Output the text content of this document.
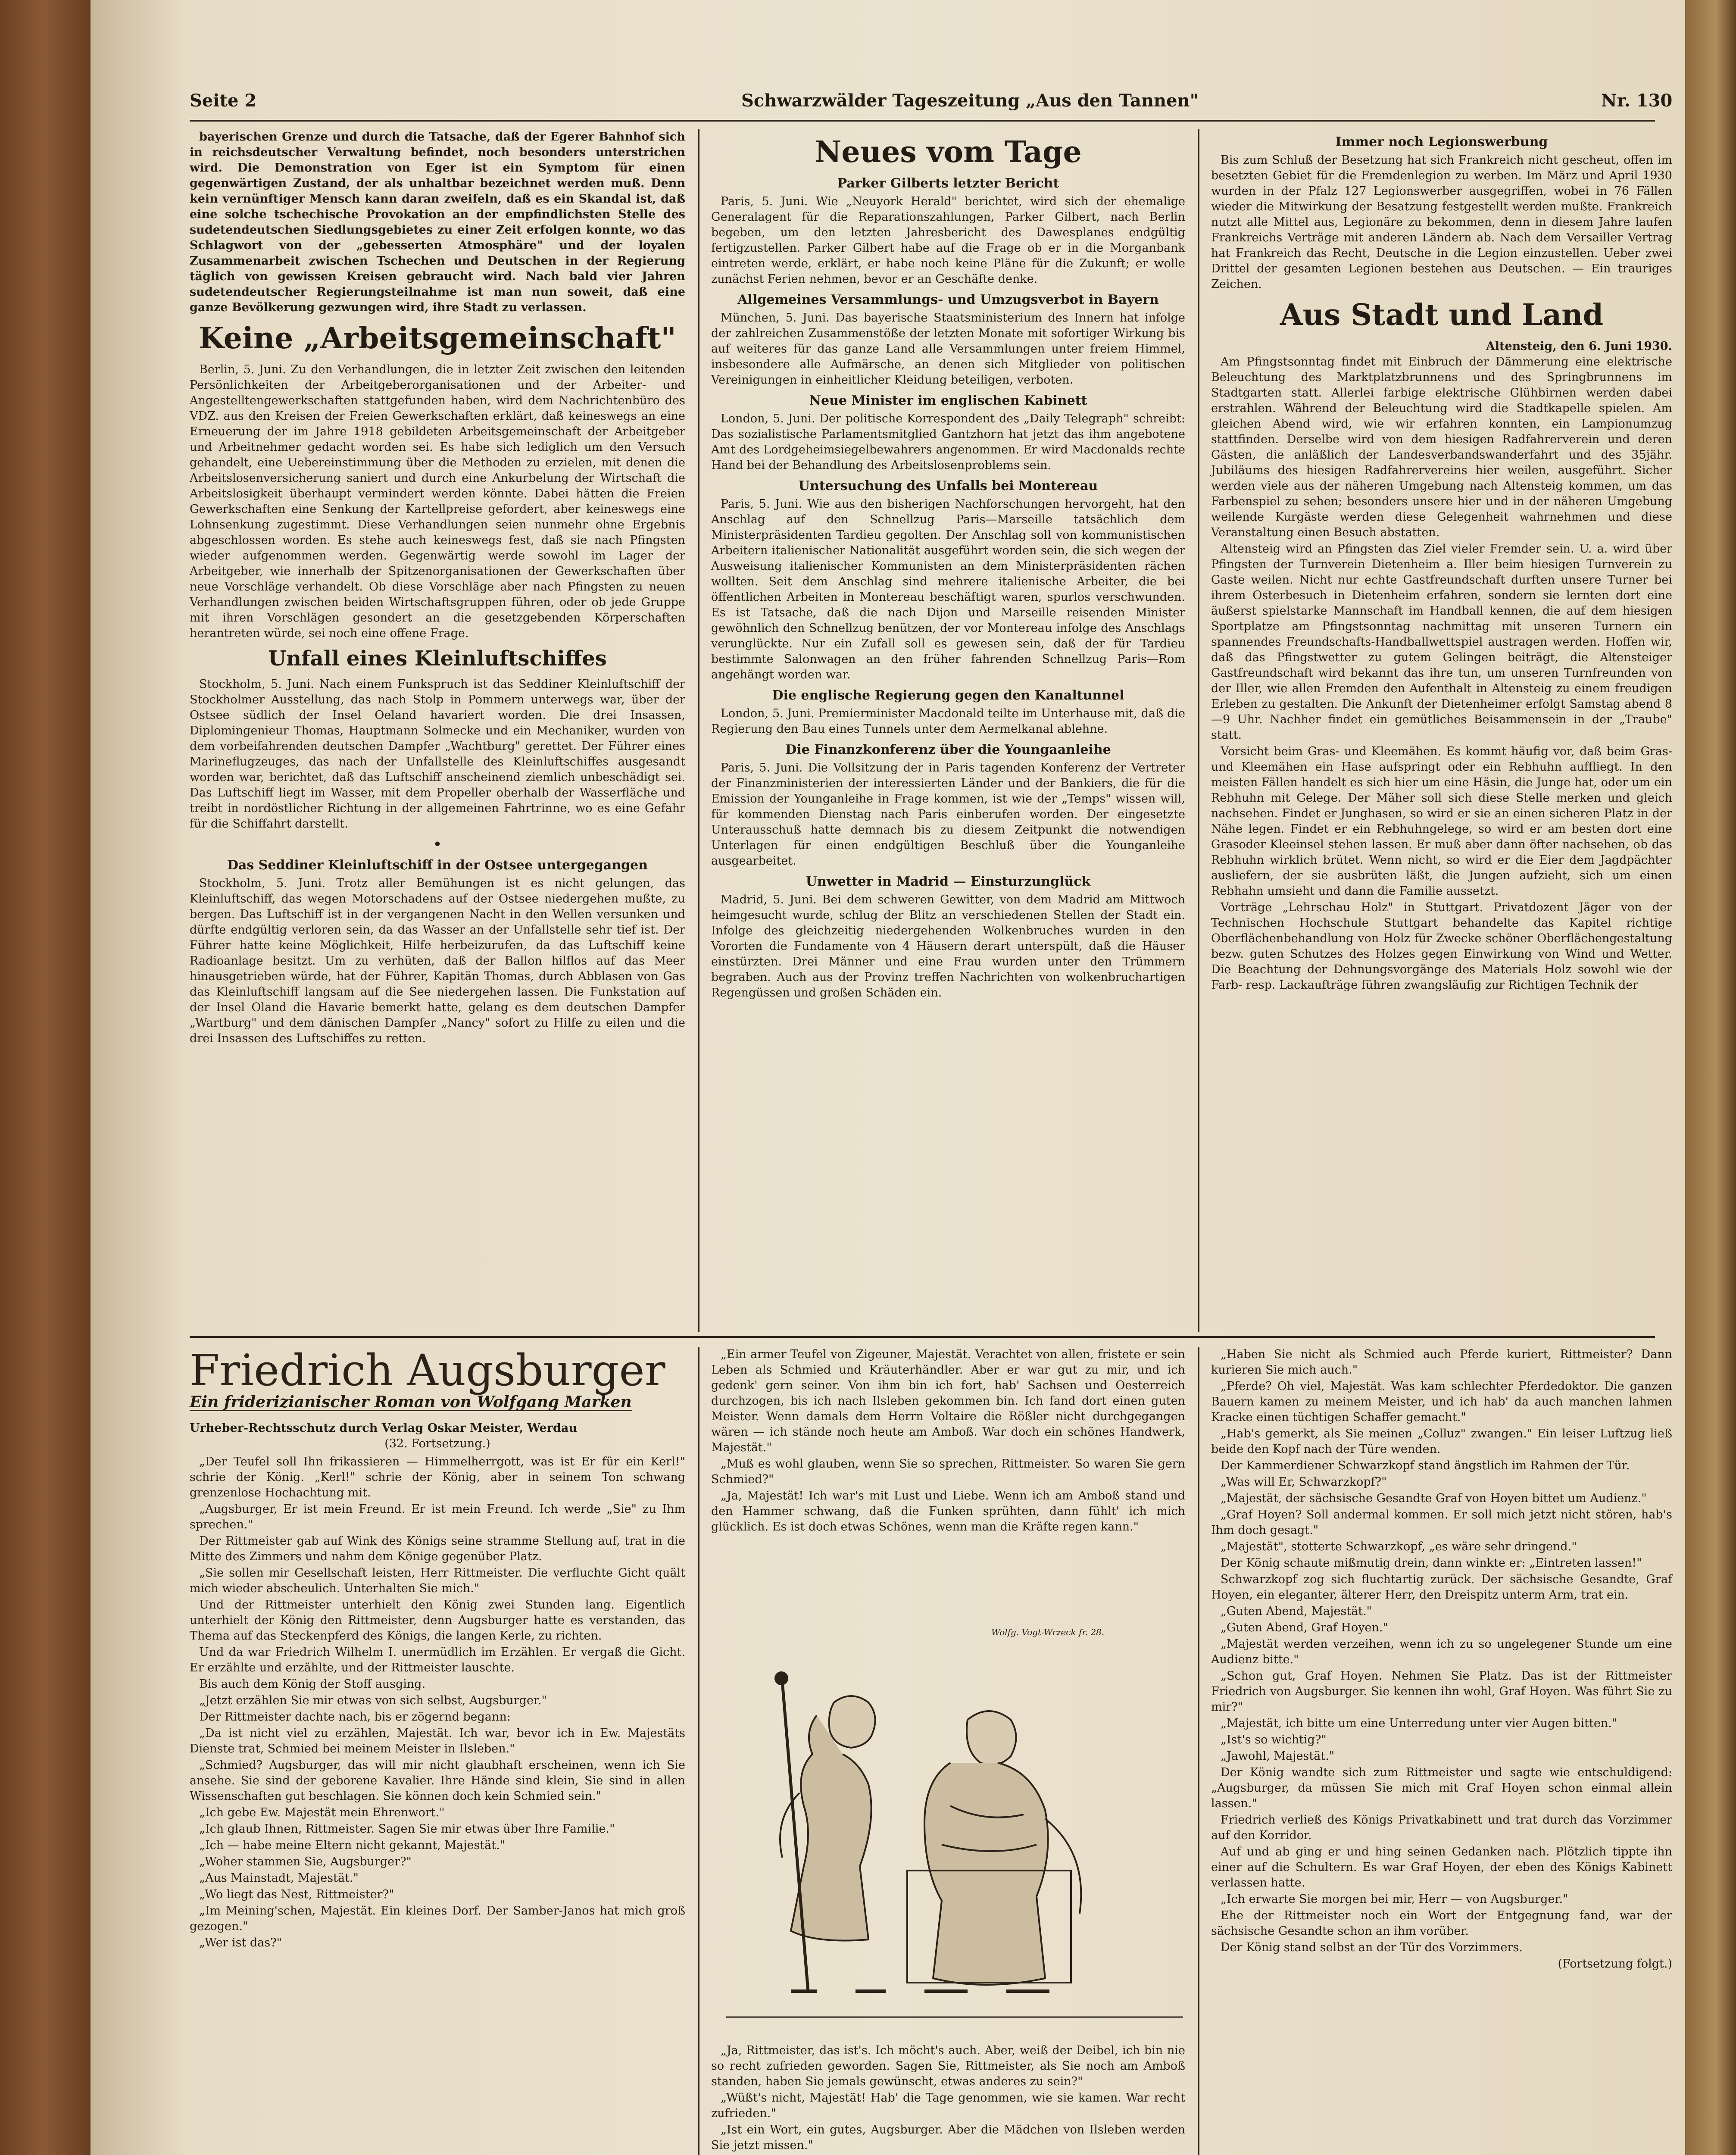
Seite 2	Schwarzwälder Tageszeitung „Aus den Tannen"	Nr. 130

bayerischen Grenze und durch die Tatsache, daß der Egerer Bahnhof sich in reichsdeutscher Verwaltung befindet, noch besonders unterstrichen wird. Die Demonstration von Eger ist ein Symptom für einen gegenwärtigen Zustand, der als unhaltbar bezeichnet werden muß. Denn kein vernünftiger Mensch kann daran zweifeln, daß es ein Skandal ist, daß eine solche tschechische Provokation an der empfindlichsten Stelle des sudetendeutschen Siedlungsgebietes zu einer Zeit erfolgen konnte, wo das Schlagwort von der „gebesserten Atmosphäre" und der loyalen Zusammenarbeit zwischen Tschechen und Deutschen in der Regierung täglich von gewissen Kreisen gebraucht wird. Nach bald vier Jahren sudetendeutscher Regierungsteilnahme ist man nun soweit, daß eine ganze Bevölkerung gezwungen wird, ihre Stadt zu verlassen.

Keine „Arbeitsgemeinschaft"

Berlin, 5. Juni. Zu den Verhandlungen, die in letzter Zeit zwischen den leitenden Persönlichkeiten der Arbeitgeberorganisationen und der Arbeiter- und Angestelltengewerkschaften stattgefunden haben, wird dem Nachrichtenbüro des VDZ. aus den Kreisen der Freien Gewerkschaften erklärt, daß keineswegs an eine Erneuerung der im Jahre 1918 gebildeten Arbeitsgemeinschaft der Arbeitgeber und Arbeitnehmer gedacht worden sei. Es habe sich lediglich um den Versuch gehandelt, eine Uebereinstimmung über die Methoden zu erzielen, mit denen die Arbeitslosenversicherung saniert und durch eine Ankurbelung der Wirtschaft die Arbeitslosigkeit überhaupt vermindert werden könnte. Dabei hätten die Freien Gewerkschaften eine Senkung der Kartellpreise gefordert, aber keineswegs eine Lohnsenkung zugestimmt. Diese Verhandlungen seien nunmehr ohne Ergebnis abgeschlossen worden. Es stehe auch keineswegs fest, daß sie nach Pfingsten wieder aufgenommen werden. Gegenwärtig werde sowohl im Lager der Arbeitgeber, wie innerhalb der Spitzenorganisationen der Gewerkschaften über neue Vorschläge verhandelt. Ob diese Vorschläge aber nach Pfingsten zu neuen Verhandlungen zwischen beiden Wirtschaftsgruppen führen, oder ob jede Gruppe mit ihren Vorschlägen gesondert an die gesetzgebenden Körperschaften herantreten würde, sei noch eine offene Frage.

Unfall eines Kleinluftschiffes

Stockholm, 5. Juni. Nach einem Funkspruch ist das Seddiner Kleinluftschiff der Stockholmer Ausstellung, das nach Stolp in Pommern unterwegs war, über der Ostsee südlich der Insel Oeland havariert worden. Die drei Insassen, Diplomingenieur Thomas, Hauptmann Solmecke und ein Mechaniker, wurden von dem vorbeifahrenden deutschen Dampfer „Wachtburg" gerettet. Der Führer eines Marineflugzeuges, das nach der Unfallstelle des Kleinluftschiffes ausgesandt worden war, berichtet, daß das Luftschiff anscheinend ziemlich unbeschädigt sei. Das Luftschiff liegt im Wasser, mit dem Propeller oberhalb der Wasserfläche und treibt in nordöstlicher Richtung in der allgemeinen Fahrtrinne, wo es eine Gefahr für die Schiffahrt darstellt.

•
Das Seddiner Kleinluftschiff in der Ostsee untergegangen

Stockholm, 5. Juni. Trotz aller Bemühungen ist es nicht gelungen, das Kleinluftschiff, das wegen Motorschadens auf der Ostsee niedergehen mußte, zu bergen. Das Luftschiff ist in der vergangenen Nacht in den Wellen versunken und dürfte endgültig verloren sein, da das Wasser an der Unfallstelle sehr tief ist. Der Führer hatte keine Möglichkeit, Hilfe herbeizurufen, da das Luftschiff keine Radioanlage besitzt. Um zu verhüten, daß der Ballon hilflos auf das Meer hinausgetrieben würde, hat der Führer, Kapitän Thomas, durch Abblasen von Gas das Kleinluftschiff langsam auf die See niedergehen lassen. Die Funkstation auf der Insel Oland die Havarie bemerkt hatte, gelang es dem deutschen Dampfer „Wartburg" und dem dänischen Dampfer „Nancy" sofort zu Hilfe zu eilen und die drei Insassen des Luftschiffes zu retten.

Neues vom Tage
Parker Gilberts letzter Bericht

Paris, 5. Juni. Wie „Neuyork Herald" berichtet, wird sich der ehemalige Generalagent für die Reparationszahlungen, Parker Gilbert, nach Berlin begeben, um den letzten Jahresbericht des Dawesplanes endgültig fertigzustellen. Parker Gilbert habe auf die Frage ob er in die Morganbank eintreten werde, erklärt, er habe noch keine Pläne für die Zukunft; er wolle zunächst Ferien nehmen, bevor er an Geschäfte denke.

Allgemeines Versammlungs- und Umzugsverbot in Bayern

München, 5. Juni. Das bayerische Staatsministerium des Innern hat infolge der zahlreichen Zusammenstöße der letzten Monate mit sofortiger Wirkung bis auf weiteres für das ganze Land alle Versammlungen unter freiem Himmel, insbesondere alle Aufmärsche, an denen sich Mitglieder von politischen Vereinigungen in einheitlicher Kleidung beteiligen, verboten.

Neue Minister im englischen Kabinett

London, 5. Juni. Der politische Korrespondent des „Daily Telegraph" schreibt: Das sozialistische Parlamentsmitglied Gantzhorn hat jetzt das ihm angebotene Amt des Lordgeheimsiegelbewahrers angenommen. Er wird Macdonalds rechte Hand bei der Behandlung des Arbeitslosenproblems sein.

Untersuchung des Unfalls bei Montereau

Paris, 5. Juni. Wie aus den bisherigen Nachforschungen hervorgeht, hat den Anschlag auf den Schnellzug Paris—Marseille tatsächlich dem Ministerpräsidenten Tardieu gegolten. Der Anschlag soll von kommunistischen Arbeitern italienischer Nationalität ausgeführt worden sein, die sich wegen der Ausweisung italienischer Kommunisten an dem Ministerpräsidenten rächen wollten. Seit dem Anschlag sind mehrere italienische Arbeiter, die bei öffentlichen Arbeiten in Montereau beschäftigt waren, spurlos verschwunden. Es ist Tatsache, daß die nach Dijon und Marseille reisenden Minister gewöhnlich den Schnellzug benützen, der vor Montereau infolge des Anschlags verunglückte. Nur ein Zufall soll es gewesen sein, daß der für Tardieu bestimmte Salonwagen an den früher fahrenden Schnellzug Paris—Rom angehängt worden war.

Die englische Regierung gegen den Kanaltunnel

London, 5. Juni. Premierminister Macdonald teilte im Unterhause mit, daß die Regierung den Bau eines Tunnels unter dem Aermelkanal ablehne.

Die Finanzkonferenz über die Youngaanleihe

Paris, 5. Juni. Die Vollsitzung der in Paris tagenden Konferenz der Vertreter der Finanzministerien der interessierten Länder und der Bankiers, die für die Emission der Younganleihe in Frage kommen, ist wie der „Temps" wissen will, für kommenden Dienstag nach Paris einberufen worden. Der eingesetzte Unterausschuß hatte demnach bis zu diesem Zeitpunkt die notwendigen Unterlagen für einen endgültigen Beschluß über die Younganleihe ausgearbeitet.

Unwetter in Madrid — Einsturzunglück

Madrid, 5. Juni. Bei dem schweren Gewitter, von dem Madrid am Mittwoch heimgesucht wurde, schlug der Blitz an verschiedenen Stellen der Stadt ein. Infolge des gleichzeitig niedergehenden Wolkenbruches wurden in den Vororten die Fundamente von 4 Häusern derart unterspült, daß die Häuser einstürzten. Drei Männer und eine Frau wurden unter den Trümmern begraben. Auch aus der Provinz treffen Nachrichten von wolkenbruchartigen Regengüssen und großen Schäden ein.

Immer noch Legionswerbung

Bis zum Schluß der Besetzung hat sich Frankreich nicht gescheut, offen im besetzten Gebiet für die Fremdenlegion zu werben. Im März und April 1930 wurden in der Pfalz 127 Legionswerber ausgegriffen, wobei in 76 Fällen wieder die Mitwirkung der Besatzung festgestellt werden mußte. Frankreich nutzt alle Mittel aus, Legionäre zu bekommen, denn in diesem Jahre laufen Frankreichs Verträge mit anderen Ländern ab. Nach dem Versailler Vertrag hat Frankreich das Recht, Deutsche in die Legion einzustellen. Ueber zwei Drittel der gesamten Legionen bestehen aus Deutschen. — Ein trauriges Zeichen.

Aus Stadt und Land
Altensteig, den 6. Juni 1930.

Am Pfingstsonntag findet mit Einbruch der Dämmerung eine elektrische Beleuchtung des Marktplatzbrunnens und des Springbrunnens im Stadtgarten statt. Allerlei farbige elektrische Glühbirnen werden dabei erstrahlen. Während der Beleuchtung wird die Stadtkapelle spielen. Am gleichen Abend wird, wie wir erfahren konnten, ein Lampionumzug stattfinden. Derselbe wird von dem hiesigen Radfahrerverein und deren Gästen, die anläßlich der Landesverbandswanderfahrt und des 35jähr. Jubiläums des hiesigen Radfahrervereins hier weilen, ausgeführt. Sicher werden viele aus der näheren Umgebung nach Altensteig kommen, um das Farbenspiel zu sehen; besonders unsere hier und in der näheren Umgebung weilende Kurgäste werden diese Gelegenheit wahrnehmen und diese Veranstaltung einen Besuch abstatten.

Altensteig wird an Pfingsten das Ziel vieler Fremder sein. U. a. wird über Pfingsten der Turnverein Dietenheim a. Iller beim hiesigen Turnverein zu Gaste weilen. Nicht nur echte Gastfreundschaft durften unsere Turner bei ihrem Osterbesuch in Dietenheim erfahren, sondern sie lernten dort eine äußerst spielstarke Mannschaft im Handball kennen, die auf dem hiesigen Sportplatze am Pfingstsonntag nachmittag mit unseren Turnern ein spannendes Freundschafts-Handballwettspiel austragen werden. Hoffen wir, daß das Pfingstwetter zu gutem Gelingen beiträgt, die Altensteiger Gastfreundschaft wird bekannt das ihre tun, um unseren Turnfreunden von der Iller, wie allen Fremden den Aufenthalt in Altensteig zu einem freudigen Erleben zu gestalten. Die Ankunft der Dietenheimer erfolgt Samstag abend 8—9 Uhr. Nachher findet ein gemütliches Beisammensein in der „Traube" statt.

Vorsicht beim Gras- und Kleemähen. Es kommt häufig vor, daß beim Gras- und Kleemähen ein Hase aufspringt oder ein Rebhuhn auffliegt. In den meisten Fällen handelt es sich hier um eine Häsin, die Junge hat, oder um ein Rebhuhn mit Gelege. Der Mäher soll sich diese Stelle merken und gleich nachsehen. Findet er Junghasen, so wird er sie an einen sicheren Platz in der Nähe legen. Findet er ein Rebhuhngelege, so wird er am besten dort eine Grasoder Kleeinsel stehen lassen. Er muß aber dann öfter nachsehen, ob das Rebhuhn wirklich brütet. Wenn nicht, so wird er die Eier dem Jagdpächter ausliefern, der sie ausbrüten läßt, die Jungen aufzieht, sich um einen Rebhahn umsieht und dann die Familie aussetzt.

Vorträge „Lehrschau Holz" in Stuttgart. Privatdozent Jäger von der Technischen Hochschule Stuttgart behandelte das Kapitel richtige Oberflächenbehandlung von Holz für Zwecke schöner Oberflächengestaltung bezw. guten Schutzes des Holzes gegen Einwirkung von Wind und Wetter. Die Beachtung der Dehnungsvorgänge des Materials Holz sowohl wie der Farb- resp. Lackaufträge führen zwangsläufig zur Richtigen Technik der

Friedrich Augsburger
Ein friderizianischer Roman von Wolfgang Marken
Urheber-Rechtsschutz durch Verlag Oskar Meister, Werdau
(32. Fortsetzung.)

„Der Teufel soll Ihn frikassieren — Himmelherrgott, was ist Er für ein Kerl!" schrie der König. „Kerl!" schrie der König, aber in seinem Ton schwang grenzenlose Hochachtung mit.

„Augsburger, Er ist mein Freund. Er ist mein Freund. Ich werde „Sie" zu Ihm sprechen."

Der Rittmeister gab auf Wink des Königs seine stramme Stellung auf, trat in die Mitte des Zimmers und nahm dem Könige gegenüber Platz.

„Sie sollen mir Gesellschaft leisten, Herr Rittmeister. Die verfluchte Gicht quält mich wieder abscheulich. Unterhalten Sie mich."

Und der Rittmeister unterhielt den König zwei Stunden lang. Eigentlich unterhielt der König den Rittmeister, denn Augsburger hatte es verstanden, das Thema auf das Steckenpferd des Königs, die langen Kerle, zu richten.

Und da war Friedrich Wilhelm I. unermüdlich im Erzählen. Er vergaß die Gicht. Er erzählte und erzählte, und der Rittmeister lauschte.

Bis auch dem König der Stoff ausging.

„Jetzt erzählen Sie mir etwas von sich selbst, Augsburger."

Der Rittmeister dachte nach, bis er zögernd begann:

„Da ist nicht viel zu erzählen, Majestät. Ich war, bevor ich in Ew. Majestäts Dienste trat, Schmied bei meinem Meister in Ilsleben."

„Schmied? Augsburger, das will mir nicht glaubhaft erscheinen, wenn ich Sie ansehe. Sie sind der geborene Kavalier. Ihre Hände sind klein, Sie sind in allen Wissenschaften gut beschlagen. Sie können doch kein Schmied sein."

„Ich gebe Ew. Majestät mein Ehrenwort."

„Ich glaub Ihnen, Rittmeister. Sagen Sie mir etwas über Ihre Familie."

„Ich — habe meine Eltern nicht gekannt, Majestät."

„Woher stammen Sie, Augsburger?"

„Aus Mainstadt, Majestät."

„Wo liegt das Nest, Rittmeister?"

„Im Meining'schen, Majestät. Ein kleines Dorf. Der Samber-Janos hat mich groß gezogen."

„Wer ist das?"

„Ein armer Teufel von Zigeuner, Majestät. Verachtet von allen, fristete er sein Leben als Schmied und Kräuterhändler. Aber er war gut zu mir, und ich gedenk' gern seiner. Von ihm bin ich fort, hab' Sachsen und Oesterreich durchzogen, bis ich nach Ilsleben gekommen bin. Ich fand dort einen guten Meister. Wenn damals dem Herrn Voltaire die Rößler nicht durchgegangen wären — ich stände noch heute am Amboß. War doch ein schönes Handwerk, Majestät."

„Muß es wohl glauben, wenn Sie so sprechen, Rittmeister. So waren Sie gern Schmied?"

„Ja, Majestät! Ich war's mit Lust und Liebe. Wenn ich am Amboß stand und den Hammer schwang, daß die Funken sprühten, dann fühlt' ich mich glücklich. Es ist doch etwas Schönes, wenn man die Kräfte regen kann."

Wolfg. Vogt-Wrzeck fr. 28.

„Ja, Rittmeister, das ist's. Ich möcht's auch. Aber, weiß der Deibel, ich bin nie so recht zufrieden geworden. Sagen Sie, Rittmeister, als Sie noch am Amboß standen, haben Sie jemals gewünscht, etwas anderes zu sein?"

„Wüßt's nicht, Majestät! Hab' die Tage genommen, wie sie kamen. War recht zufrieden."

„Ist ein Wort, ein gutes, Augsburger. Aber die Mädchen von Ilsleben werden Sie jetzt missen."

„Haben Sie nicht als Schmied auch Pferde kuriert, Rittmeister? Dann kurieren Sie mich auch."

„Pferde? Oh viel, Majestät. Was kam schlechter Pferdedoktor. Die ganzen Bauern kamen zu meinem Meister, und ich hab' da auch manchen lahmen Kracke einen tüchtigen Schaffer gemacht."

„Hab's gemerkt, als Sie meinen „Colluz" zwangen." Ein leiser Luftzug ließ beide den Kopf nach der Türe wenden.

Der Kammerdiener Schwarzkopf stand ängstlich im Rahmen der Tür.

„Was will Er, Schwarzkopf?"

„Majestät, der sächsische Gesandte Graf von Hoyen bittet um Audienz."

„Graf Hoyen? Soll andermal kommen. Er soll mich jetzt nicht stören, hab's Ihm doch gesagt."

„Majestät", stotterte Schwarzkopf, „es wäre sehr dringend."

Der König schaute mißmutig drein, dann winkte er: „Eintreten lassen!"

Schwarzkopf zog sich fluchtartig zurück. Der sächsische Gesandte, Graf Hoyen, ein eleganter, älterer Herr, den Dreispitz unterm Arm, trat ein.

„Guten Abend, Majestät."

„Guten Abend, Graf Hoyen."

„Majestät werden verzeihen, wenn ich zu so ungelegener Stunde um eine Audienz bitte."

„Schon gut, Graf Hoyen. Nehmen Sie Platz. Das ist der Rittmeister Friedrich von Augsburger. Sie kennen ihn wohl, Graf Hoyen. Was führt Sie zu mir?"

„Majestät, ich bitte um eine Unterredung unter vier Augen bitten."

„Ist's so wichtig?"

„Jawohl, Majestät."

Der König wandte sich zum Rittmeister und sagte wie entschuldigend: „Augsburger, da müssen Sie mich mit Graf Hoyen schon einmal allein lassen."

Friedrich verließ des Königs Privatkabinett und trat durch das Vorzimmer auf den Korridor.

Auf und ab ging er und hing seinen Gedanken nach. Plötzlich tippte ihn einer auf die Schultern. Es war Graf Hoyen, der eben des Königs Kabinett verlassen hatte.

„Ich erwarte Sie morgen bei mir, Herr — von Augsburger."

Ehe der Rittmeister noch ein Wort der Entgegnung fand, war der sächsische Gesandte schon an ihm vorüber.

Der König stand selbst an der Tür des Vorzimmers.

(Fortsetzung folgt.)
